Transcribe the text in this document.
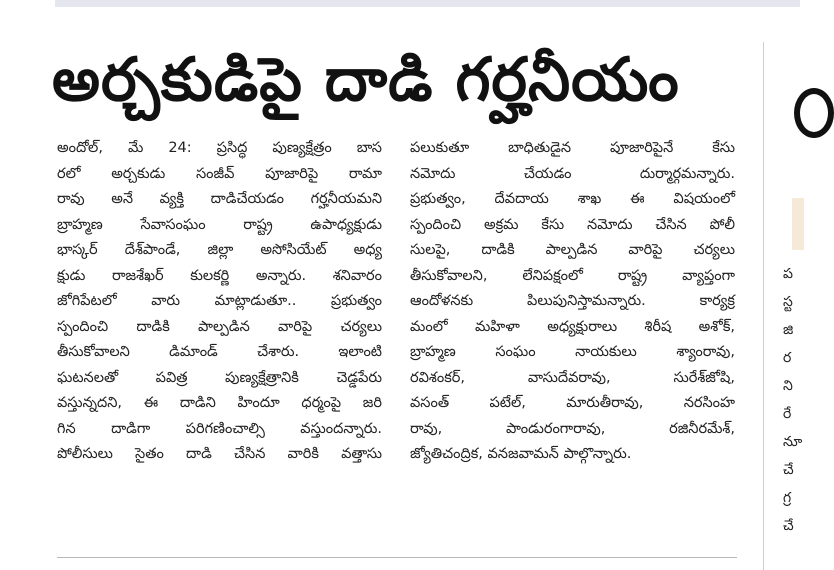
అర్చకుడిపై దాడి గర్హనీయం
అందోల్, మే 24: ప్రసిద్ధ పుణ్యక్షేత్రం బాస
రలో అర్చకుడు సంజీవ్ పూజారిపై రామా
రావు అనే వ్యక్తి దాడిచేయడం గర్హనీయమని
బ్రాహ్మణ సేవాసంఘం రాష్ట్ర ఉపాధ్యక్షుడు
భాస్కర్ దేశ్‌పాండే, జిల్లా అసోసియేట్ అధ్య
క్షుడు రాజశేఖర్ కులకర్ణి అన్నారు. శనివారం
జోగిపేటలో వారు మాట్లాడుతూ.. ప్రభుత్వం
స్పందించి దాడికి పాల్పడిన వారిపై చర్యలు
తీసుకోవాలని డిమాండ్ చేశారు. ఇలాంటి
ఘటనలతో పవిత్ర పుణ్యక్షేత్రానికి చెడ్డపేరు
వస్తున్నదని, ఈ దాడిని హిందూ ధర్మంపై జరి
గిన దాడిగా పరిగణించాల్సి వస్తుందన్నారు.
పోలీసులు సైతం దాడి చేసిన వారికి వత్తాసు
పలుకుతూ బాధితుడైన పూజారిపైనే కేసు
నమోదు చేయడం దుర్మార్గమన్నారు.
ప్రభుత్వం, దేవదాయ శాఖ ఈ విషయంలో
స్పందించి అక్రమ కేసు నమోదు చేసిన పోలీ
సులపై, దాడికి పాల్పడిన వారిపై చర్యలు
తీసుకోవాలని, లేనిపక్షంలో రాష్ట్ర వ్యాప్తంగా
ఆందోళనకు పిలుపునిస్తామన్నారు. కార్యక్ర
మంలో మహిళా అధ్యక్షురాలు శిరీష అశోక్,
బ్రాహ్మణ సంఘం నాయకులు శ్యాంరావు,
రవిశంకర్, వాసుదేవరావు, సురేశ్‌జోషి,
వసంత్ పటేల్, మారుతీరావు, నరసింహ
రావు, పాండురంగారావు, రజినీరమేశ్,
జ్యోతిచంద్రిక, వనజవామన్ పాల్గొన్నారు.
ప
స్ట
జి
ర
ని
రే
నూ
చే
గ్ర
చే
